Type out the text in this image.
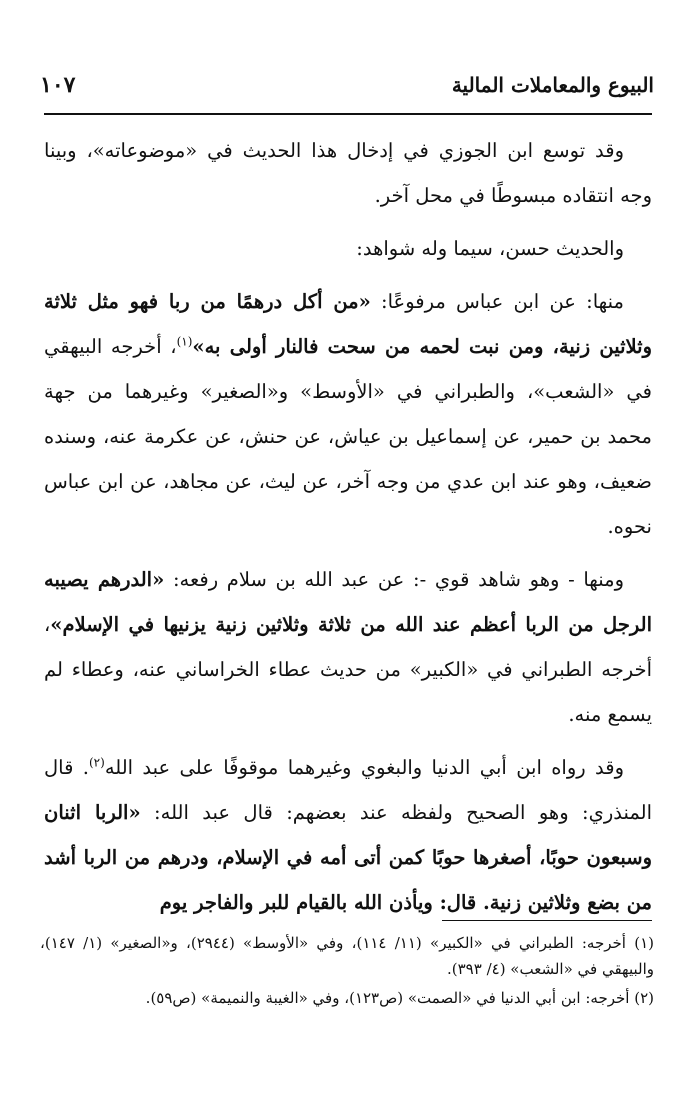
١٠٧	البيوع والمعاملات المالية

وقد توسع ابن الجوزي في إدخال هذا الحديث في «موضوعاته»، وبينا وجه انتقاده مبسوطًا في محل آخر.

والحديث حسن، سيما وله شواهد:

منها: عن ابن عباس مرفوعًا: «من أكل درهمًا من ربا فهو مثل ثلاثة وثلاثين زنية، ومن نبت لحمه من سحت فالنار أولى به»$^{(١)}$، أخرجه البيهقي في «الشعب»، والطبراني في «الأوسط» و«الصغير» وغيرهما من جهة محمد بن حمير، عن إسماعيل بن عياش، عن حنش، عن عكرمة عنه، وسنده ضعيف، وهو عند ابن عدي من وجه آخر، عن ليث، عن مجاهد، عن ابن عباس نحوه.

ومنها - وهو شاهد قوي -: عن عبد الله بن سلام رفعه: «الدرهم يصيبه الرجل من الربا أعظم عند الله من ثلاثة وثلاثين زنية يزنيها في الإسلام»، أخرجه الطبراني في «الكبير» من حديث عطاء الخراساني عنه، وعطاء لم يسمع منه.

وقد رواه ابن أبي الدنيا والبغوي وغيرهما موقوفًا على عبد الله$^{(٢)}$. قال المنذري: وهو الصحيح ولفظه عند بعضهم: قال عبد الله: «الربا اثنان وسبعون حوبًا، أصغرها حوبًا كمن أتى أمه في الإسلام، ودرهم من الربا أشد من بضع وثلاثين زنية. قال: ويأذن الله بالقيام للبر والفاجر يوم

(١) أخرجه: الطبراني في «الكبير» (١١/ ١١٤)، وفي «الأوسط» (٢٩٤٤)، و«الصغير» (١/ ١٤٧)، والبيهقي في «الشعب» (٤/ ٣٩٣).

(٢) أخرجه: ابن أبي الدنيا في «الصمت» (ص١٢٣)، وفي «الغيبة والنميمة» (ص٥٩).
